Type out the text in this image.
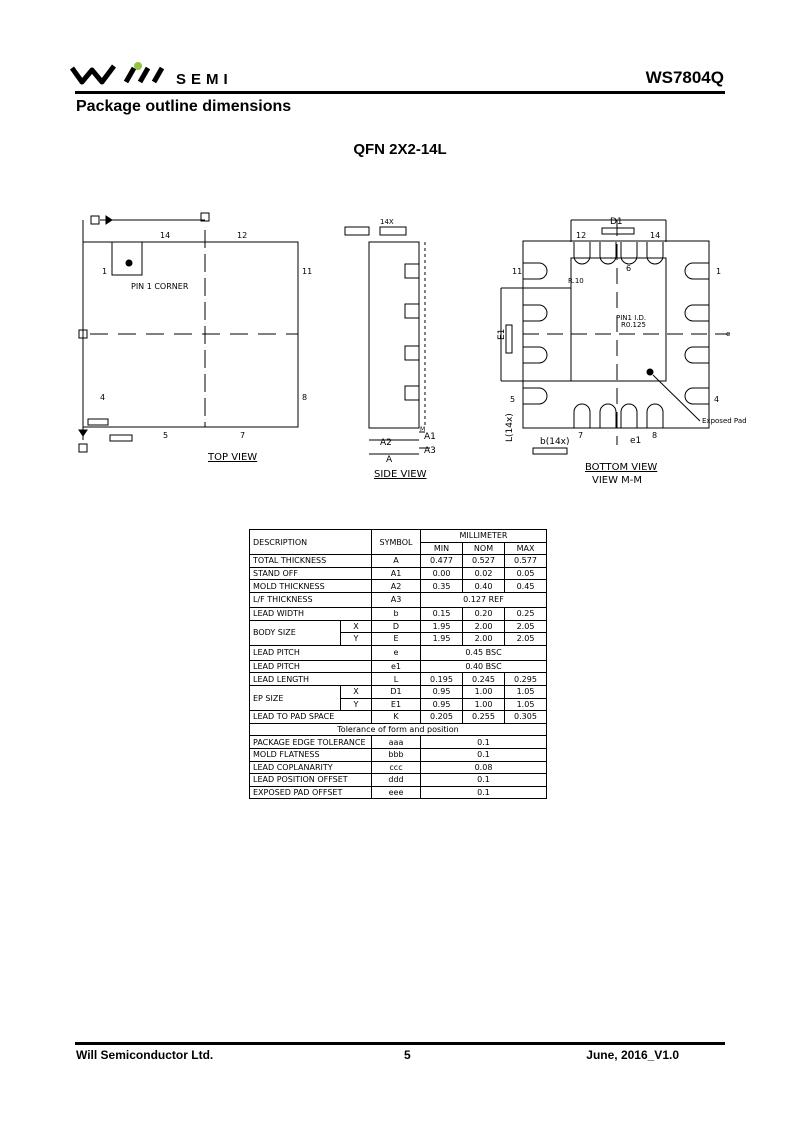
SEMI	WS7804Q
Package outline dimensions
QFN 2X2-14L
PIN 1 CORNER
TOP VIEW
14	12
11
1
4	8
5	7
14X
A2
A1
A3
A
M
SIDE VIEW
D1
E1
R.10
PIN1 I.D.
R0.125
Exposed Pad
L(14x)	b(14x)	e1
e
12	14
11	1
4
5
7	8
6
BOTTOM VIEW
VIEW M-M
DESCRIPTION		SYMBOL	MILLIMETER		
			MIN	NOM	MAX
TOTAL THICKNESS		A	0.477	0.527	0.577
STAND OFF		A1	0.00	0.02	0.05
MOLD THICKNESS		A2	0.35	0.40	0.45
L/F THICKNESS		A3	0.127 REF		
LEAD WIDTH		b	0.15	0.20	0.25
BODY SIZE	X	D	1.95	2.00	2.05
	Y	E	1.95	2.00	2.05
LEAD PITCH		e	0.45 BSC		
LEAD PITCH		e1	0.40 BSC		
LEAD LENGTH		L	0.195	0.245	0.295
EP SIZE	X	D1	0.95	1.00	1.05
	Y	E1	0.95	1.00	1.05
LEAD TO PAD SPACE		K	0.205	0.255	0.305
Tolerance of form and position					
PACKAGE EDGE TOLERANCE		aaa	0.1		
MOLD FLATNESS		bbb	0.1		
LEAD COPLANARITY		ccc	0.08		
LEAD POSITION OFFSET		ddd	0.1		
EXPOSED PAD OFFSET		eee	0.1		
Will Semiconductor Ltd.	5	June, 2016_V1.0
